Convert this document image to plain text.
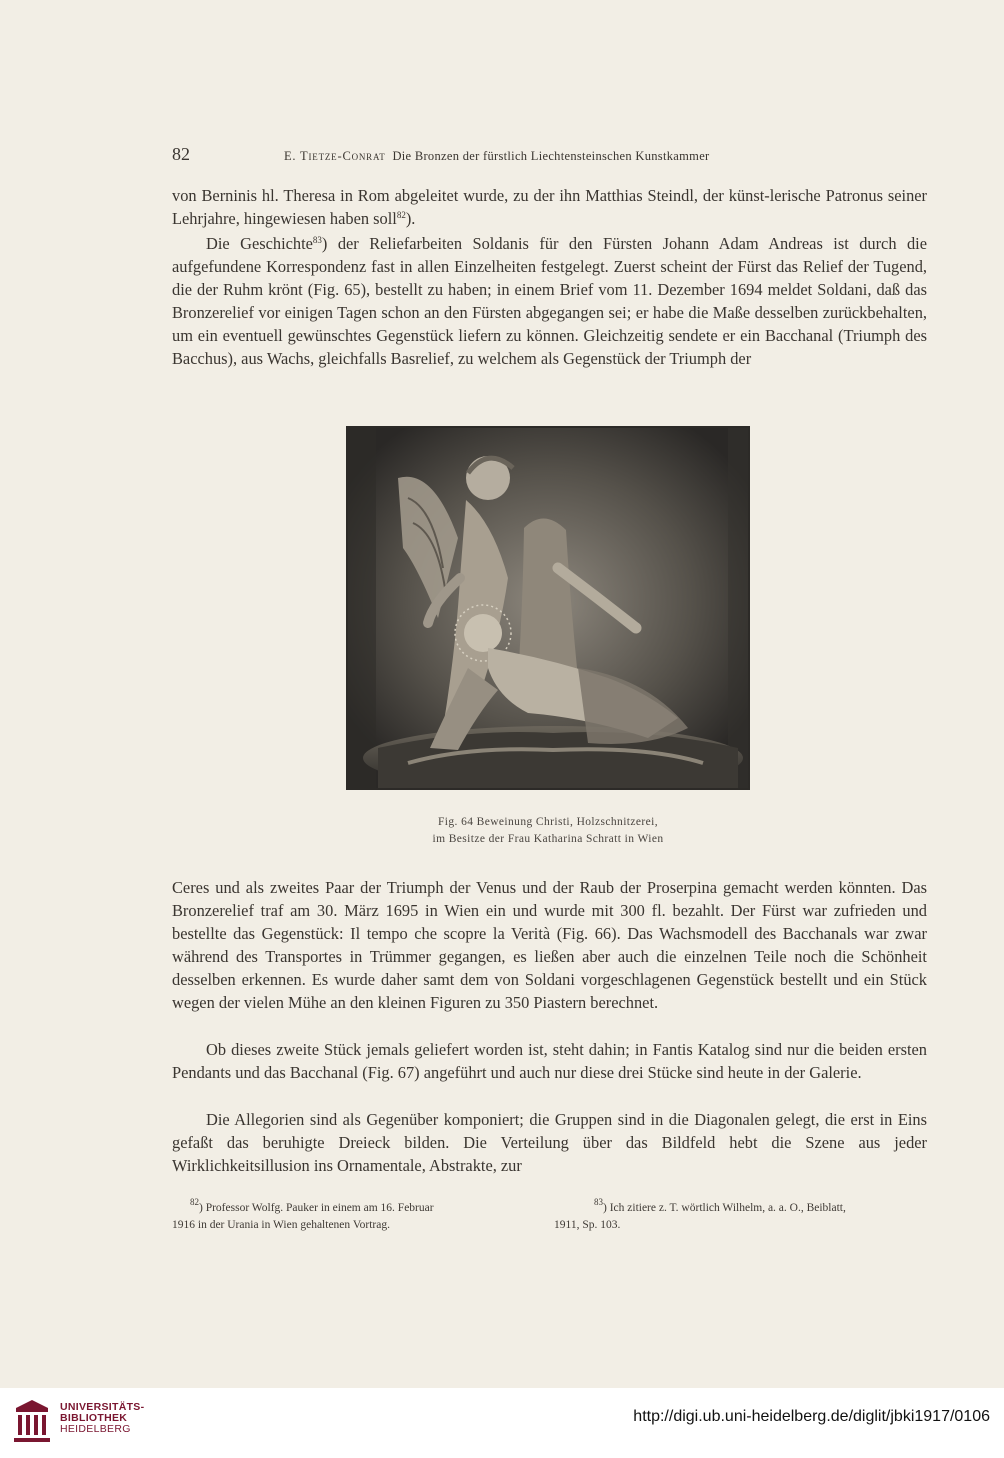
82	E. Tietze-Conrat Die Bronzen der fürstlich Liechtensteinschen Kunstkammer
von Berninis hl. Theresa in Rom abgeleitet wurde, zu der ihn Matthias Steindl, der künst-lerische Patronus seiner Lehrjahre, hingewiesen haben soll$^{82}$).
Die Geschichte$^{83}$) der Reliefarbeiten Soldanis für den Fürsten Johann Adam Andreas ist durch die aufgefundene Korrespondenz fast in allen Einzelheiten festgelegt. Zuerst scheint der Fürst das Relief der Tugend, die der Ruhm krönt (Fig. 65), bestellt zu haben; in einem Brief vom 11. Dezember 1694 meldet Soldani, daß das Bronzerelief vor einigen Tagen schon an den Fürsten abgegangen sei; er habe die Maße desselben zurückbehalten, um ein eventuell gewünschtes Gegenstück liefern zu können. Gleichzeitig sendete er ein Bacchanal (Triumph des Bacchus), aus Wachs, gleichfalls Basrelief, zu welchem als Gegenstück der Triumph der
Fig. 64 Beweinung Christi, Holzschnitzerei,
im Besitze der Frau Katharina Schratt in Wien
Ceres und als zweites Paar der Triumph der Venus und der Raub der Proserpina gemacht werden könnten. Das Bronzerelief traf am 30. März 1695 in Wien ein und wurde mit 300 fl. bezahlt. Der Fürst war zufrieden und bestellte das Gegenstück: Il tempo che scopre la Verità (Fig. 66). Das Wachsmodell des Bacchanals war zwar während des Transportes in Trümmer gegangen, es ließen aber auch die einzelnen Teile noch die Schönheit desselben erkennen. Es wurde daher samt dem von Soldani vorgeschlagenen Gegenstück bestellt und ein Stück wegen der vielen Mühe an den kleinen Figuren zu 350 Piastern berechnet.
Ob dieses zweite Stück jemals geliefert worden ist, steht dahin; in Fantis Katalog sind nur die beiden ersten Pendants und das Bacchanal (Fig. 67) angeführt und auch nur diese drei Stücke sind heute in der Galerie.
Die Allegorien sind als Gegenüber komponiert; die Gruppen sind in die Diagonalen gelegt, die erst in Eins gefaßt das beruhigte Dreieck bilden. Die Verteilung über das Bildfeld hebt die Szene aus jeder Wirklichkeitsillusion ins Ornamentale, Abstrakte, zur
$^{82}$) Professor Wolfg. Pauker in einem am 16. Februar
1916 in der Urania in Wien gehaltenen Vortrag.
$^{83}$) Ich zitiere z. T. wörtlich Wilhelm, a. a. O., Beiblatt,
1911, Sp. 103.
UNIVERSITÄTS-
BIBLIOTHEK
HEIDELBERG
http://digi.ub.uni-heidelberg.de/diglit/jbki1917/0106
